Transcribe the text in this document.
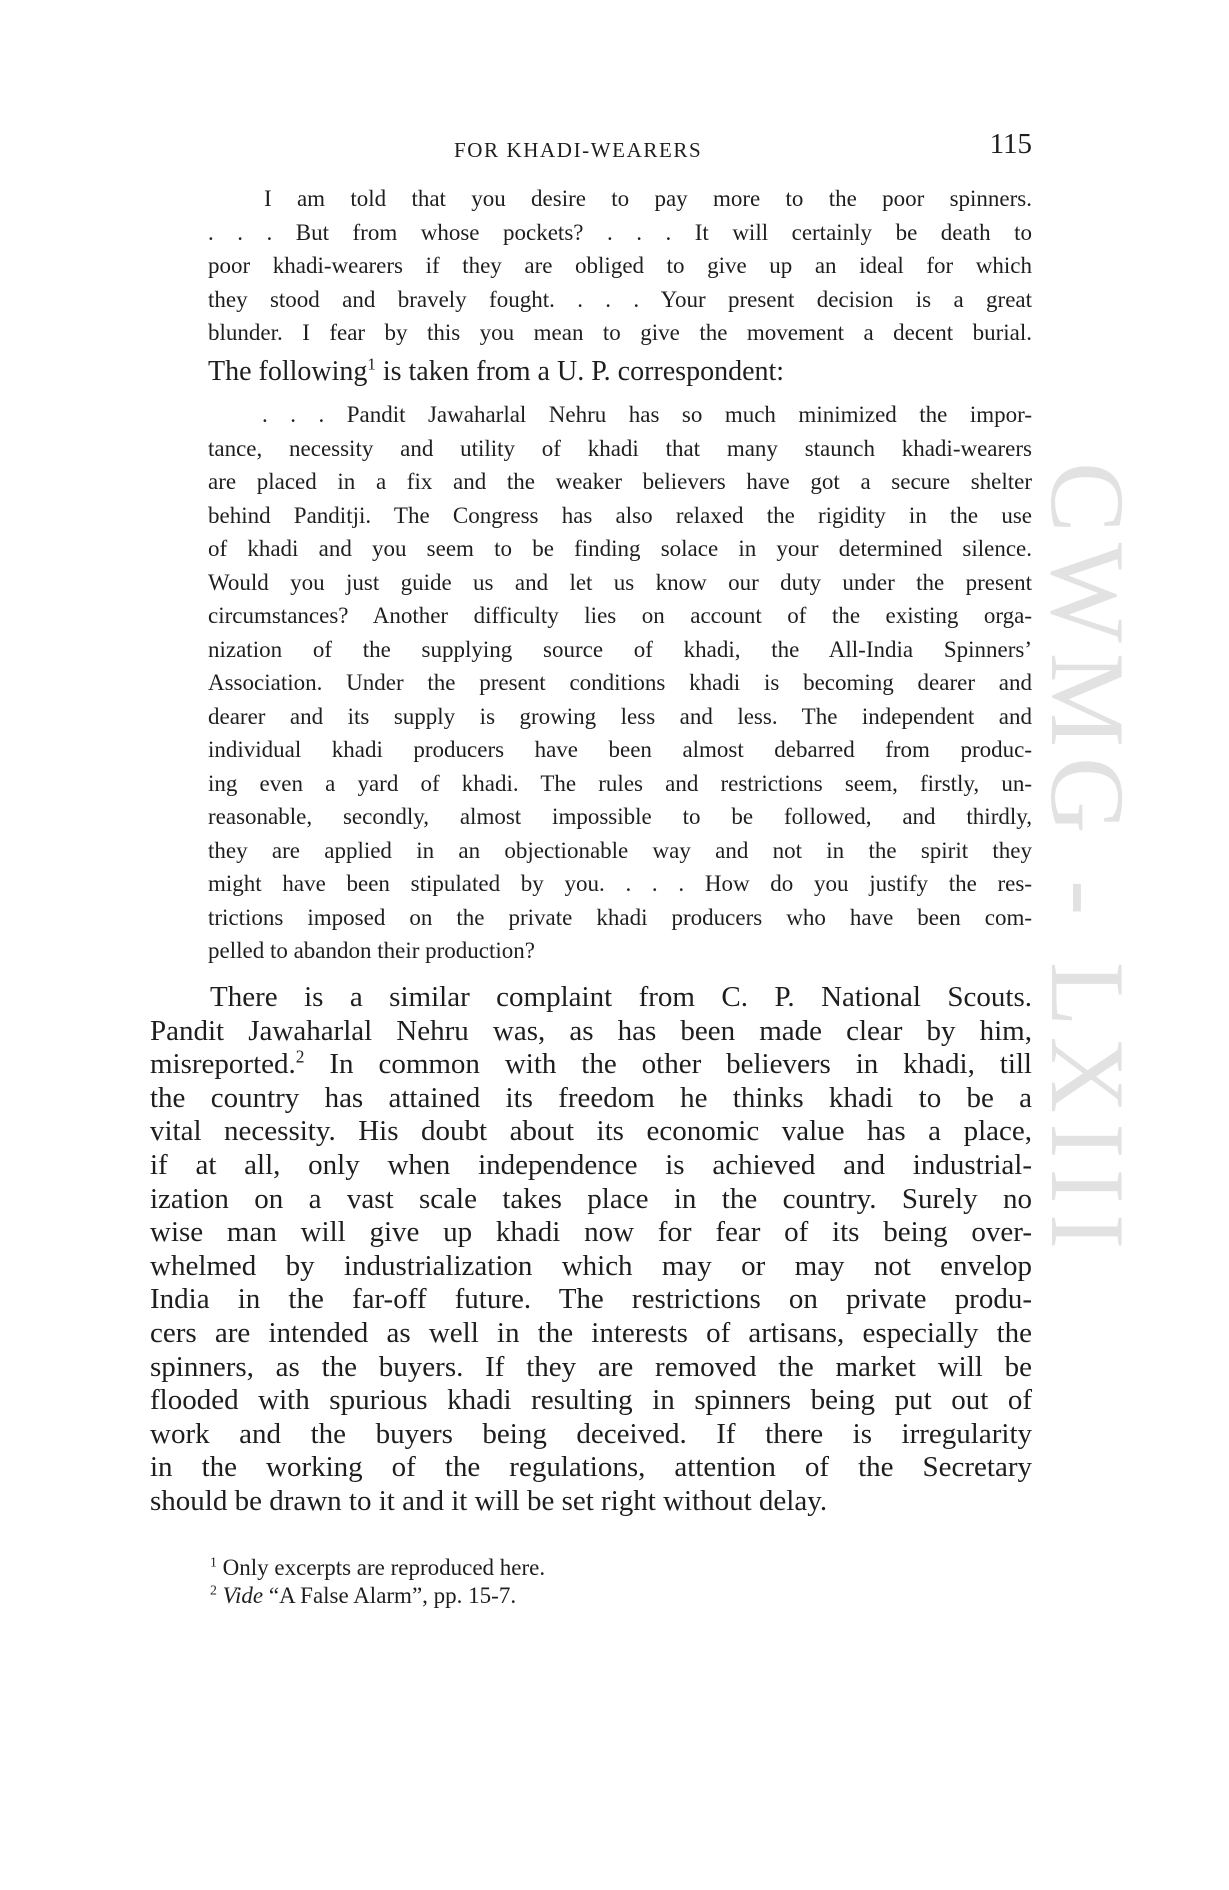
CWMG - LXIII
FOR KHADI-WEARERS	115
I am told that you desire to pay more to the poor spinners.
. . . But from whose pockets? . . . It will certainly be death to
poor khadi-wearers if they are obliged to give up an ideal for which
they stood and bravely fought. . . . Your present decision is a great
blunder. I fear by this you mean to give the movement a decent burial.
The following$^1$ is taken from a U. P. correspondent:
. . . Pandit Jawaharlal Nehru has so much minimized the impor-
tance, necessity and utility of khadi that many staunch khadi-wearers
are placed in a fix and the weaker believers have got a secure shelter
behind Panditji. The Congress has also relaxed the rigidity in the use
of khadi and you seem to be finding solace in your determined silence.
Would you just guide us and let us know our duty under the present
circumstances? Another difficulty lies on account of the existing orga-
nization of the supplying source of khadi, the All-India Spinners’
Association. Under the present conditions khadi is becoming dearer and
dearer and its supply is growing less and less. The independent and
individual khadi producers have been almost debarred from produc-
ing even a yard of khadi. The rules and restrictions seem, firstly, un-
reasonable, secondly, almost impossible to be followed, and thirdly,
they are applied in an objectionable way and not in the spirit they
might have been stipulated by you. . . . How do you justify the res-
trictions imposed on the private khadi producers who have been com-
pelled to abandon their production?
There is a similar complaint from C. P. National Scouts.
Pandit Jawaharlal Nehru was, as has been made clear by him,
misreported.$^2$ In common with the other believers in khadi, till
the country has attained its freedom he thinks khadi to be a
vital necessity. His doubt about its economic value has a place,
if at all, only when independence is achieved and industrial-
ization on a vast scale takes place in the country. Surely no
wise man will give up khadi now for fear of its being over-
whelmed by industrialization which may or may not envelop
India in the far-off future. The restrictions on private produ-
cers are intended as well in the interests of artisans, especially the
spinners, as the buyers. If they are removed the market will be
flooded with spurious khadi resulting in spinners being put out of
work and the buyers being deceived. If there is irregularity
in the working of the regulations, attention of the Secretary
should be drawn to it and it will be set right without delay.
$^1$ Only excerpts are reproduced here.
$^2$ Vide “A False Alarm”, pp. 15-7.
